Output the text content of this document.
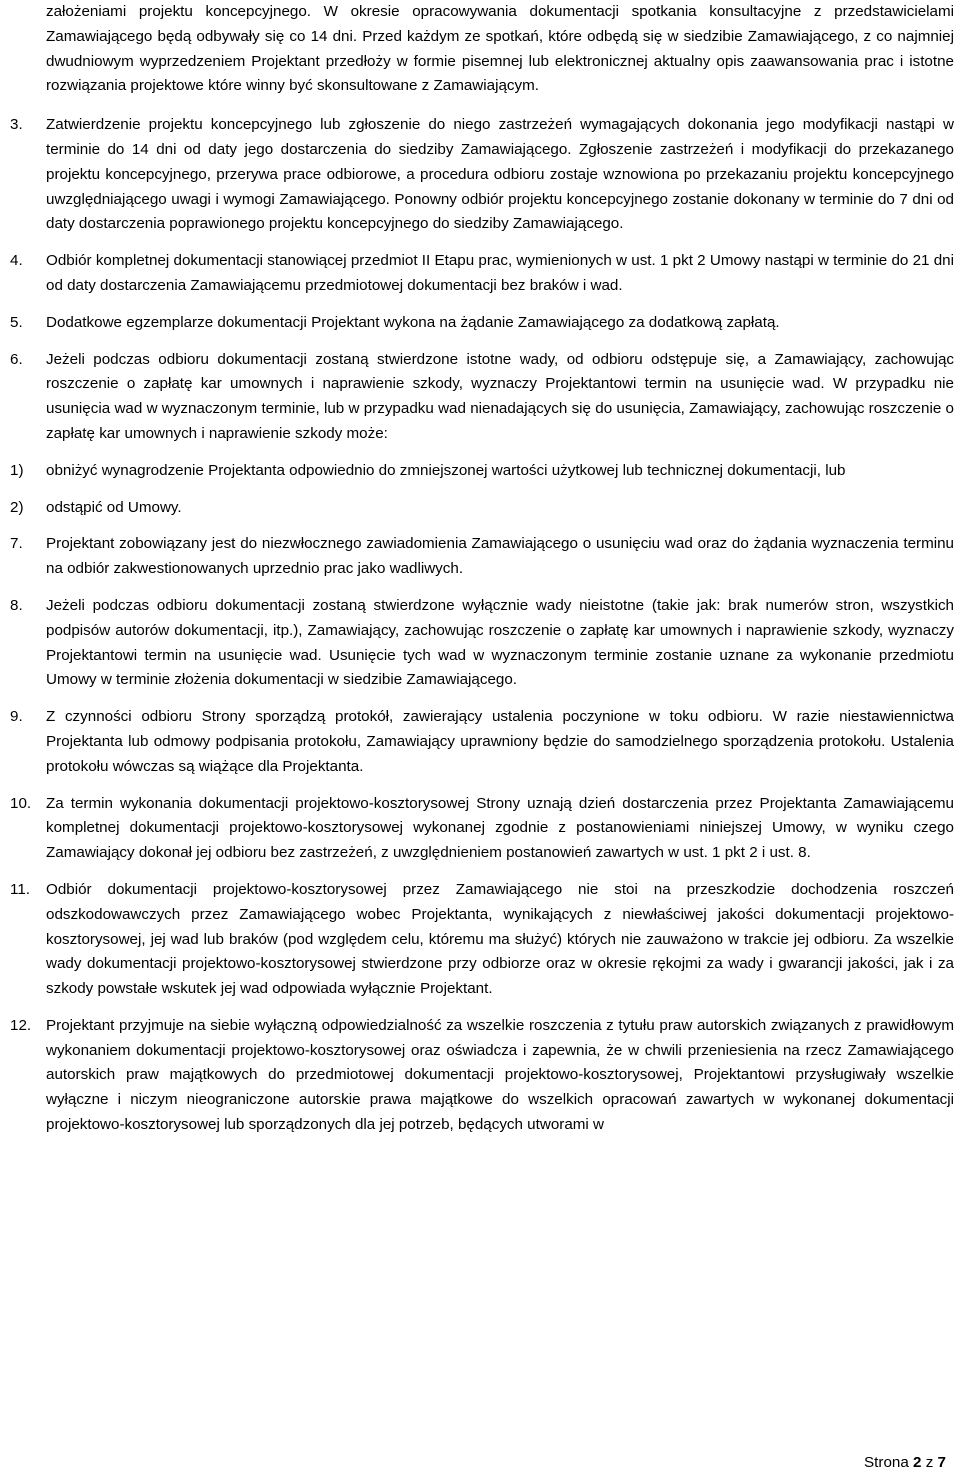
założeniami projektu koncepcyjnego. W okresie opracowywania dokumentacji spotkania konsultacyjne z przedstawicielami Zamawiającego będą odbywały się co 14 dni. Przed każdym ze spotkań, które odbędą się w siedzibie Zamawiającego, z co najmniej dwudniowym wyprzedzeniem Projektant przedłoży w formie pisemnej lub elektronicznej aktualny opis zaawansowania prac i istotne rozwiązania projektowe które winny być skonsultowane z Zamawiającym.

3. Zatwierdzenie projektu koncepcyjnego lub zgłoszenie do niego zastrzeżeń wymagających dokonania jego modyfikacji nastąpi w terminie do 14 dni od daty jego dostarczenia do siedziby Zamawiającego. Zgłoszenie zastrzeżeń i modyfikacji do przekazanego projektu koncepcyjnego, przerywa prace odbiorowe, a procedura odbioru zostaje wznowiona po przekazaniu projektu koncepcyjnego uwzględniającego uwagi i wymogi Zamawiającego. Ponowny odbiór projektu koncepcyjnego zostanie dokonany w terminie do 7 dni od daty dostarczenia poprawionego projektu koncepcyjnego do siedziby Zamawiającego.

4. Odbiór kompletnej dokumentacji stanowiącej przedmiot II Etapu prac, wymienionych w ust. 1 pkt 2 Umowy nastąpi w terminie do 21 dni od daty dostarczenia Zamawiającemu przedmiotowej dokumentacji bez braków i wad.

5. Dodatkowe egzemplarze dokumentacji Projektant wykona na żądanie Zamawiającego za dodatkową zapłatą.

6. Jeżeli podczas odbioru dokumentacji zostaną stwierdzone istotne wady, od odbioru odstępuje się, a Zamawiający, zachowując roszczenie o zapłatę kar umownych i naprawienie szkody, wyznaczy Projektantowi termin na usunięcie wad. W przypadku nie usunięcia wad w wyznaczonym terminie, lub w przypadku wad nienadających się do usunięcia, Zamawiający, zachowując roszczenie o zapłatę kar umownych i naprawienie szkody może:

1) obniżyć wynagrodzenie Projektanta odpowiednio do zmniejszonej wartości użytkowej lub technicznej dokumentacji, lub

2) odstąpić od Umowy.

7. Projektant zobowiązany jest do niezwłocznego zawiadomienia Zamawiającego o usunięciu wad oraz do żądania wyznaczenia terminu na odbiór zakwestionowanych uprzednio prac jako wadliwych.

8. Jeżeli podczas odbioru dokumentacji zostaną stwierdzone wyłącznie wady nieistotne (takie jak: brak numerów stron, wszystkich podpisów autorów dokumentacji, itp.), Zamawiający, zachowując roszczenie o zapłatę kar umownych i naprawienie szkody, wyznaczy Projektantowi termin na usunięcie wad. Usunięcie tych wad w wyznaczonym terminie zostanie uznane za wykonanie przedmiotu Umowy w terminie złożenia dokumentacji w siedzibie Zamawiającego.

9. Z czynności odbioru Strony sporządzą protokół, zawierający ustalenia poczynione w toku odbioru. W razie niestawiennictwa Projektanta lub odmowy podpisania protokołu, Zamawiający uprawniony będzie do samodzielnego sporządzenia protokołu. Ustalenia protokołu wówczas są wiążące dla Projektanta.

10. Za termin wykonania dokumentacji projektowo-kosztorysowej Strony uznają dzień dostarczenia przez Projektanta Zamawiającemu kompletnej dokumentacji projektowo-kosztorysowej wykonanej zgodnie z postanowieniami niniejszej Umowy, w wyniku czego Zamawiający dokonał jej odbioru bez zastrzeżeń, z uwzględnieniem postanowień zawartych w ust. 1 pkt 2 i ust. 8.

11. Odbiór dokumentacji projektowo-kosztorysowej przez Zamawiającego nie stoi na przeszkodzie dochodzenia roszczeń odszkodowawczych przez Zamawiającego wobec Projektanta, wynikających z niewłaściwej jakości dokumentacji projektowo-kosztorysowej, jej wad lub braków (pod względem celu, któremu ma służyć) których nie zauważono w trakcie jej odbioru. Za wszelkie wady dokumentacji projektowo-kosztorysowej stwierdzone przy odbiorze oraz w okresie rękojmi za wady i gwarancji jakości, jak i za szkody powstałe wskutek jej wad odpowiada wyłącznie Projektant.

12. Projektant przyjmuje na siebie wyłączną odpowiedzialność za wszelkie roszczenia z tytułu praw autorskich związanych z prawidłowym wykonaniem dokumentacji projektowo-kosztorysowej oraz oświadcza i zapewnia, że w chwili przeniesienia na rzecz Zamawiającego autorskich praw majątkowych do przedmiotowej dokumentacji projektowo-kosztorysowej, Projektantowi przysługiwały wszelkie wyłączne i niczym nieograniczone autorskie prawa majątkowe do wszelkich opracowań zawartych w wykonanej dokumentacji projektowo-kosztorysowej lub sporządzonych dla jej potrzeb, będących utworami w

Strona 2 z 7
